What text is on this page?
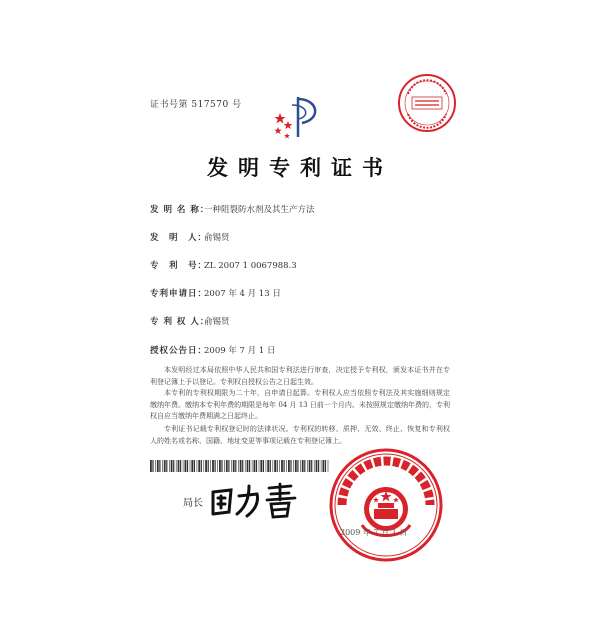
证书号第 517570 号
发明专利证书
发 明 名 称：一种阻裂防水剂及其生产方法
发　明　人：俞锡贤
专　利　号：ZL 2007 1 0067988.3
专利申请日：2007 年 4 月 13 日
专 利 权 人：俞锡贤
授权公告日：2009 年 7 月 1 日
本发明经过本局依照中华人民共和国专利法进行审查，决定授予专利权，颁发本证书并在专利登记簿上予以登记。专利权自授权公告之日起生效。
本专利的专利权期限为二十年，自申请日起算。专利权人应当依照专利法及其实施细则规定缴纳年费。缴纳本专利年费的期限是每年 04 月 13 日前一个月内。未按照规定缴纳年费的，专利权自应当缴纳年费期满之日起终止。
专利证书记载专利权登记时的法律状况。专利权的转移、质押、无效、终止、恢复和专利权人的姓名或名称、国籍、地址变更等事项记载在专利登记簿上。
局长
2009 年 7 月 1 日
